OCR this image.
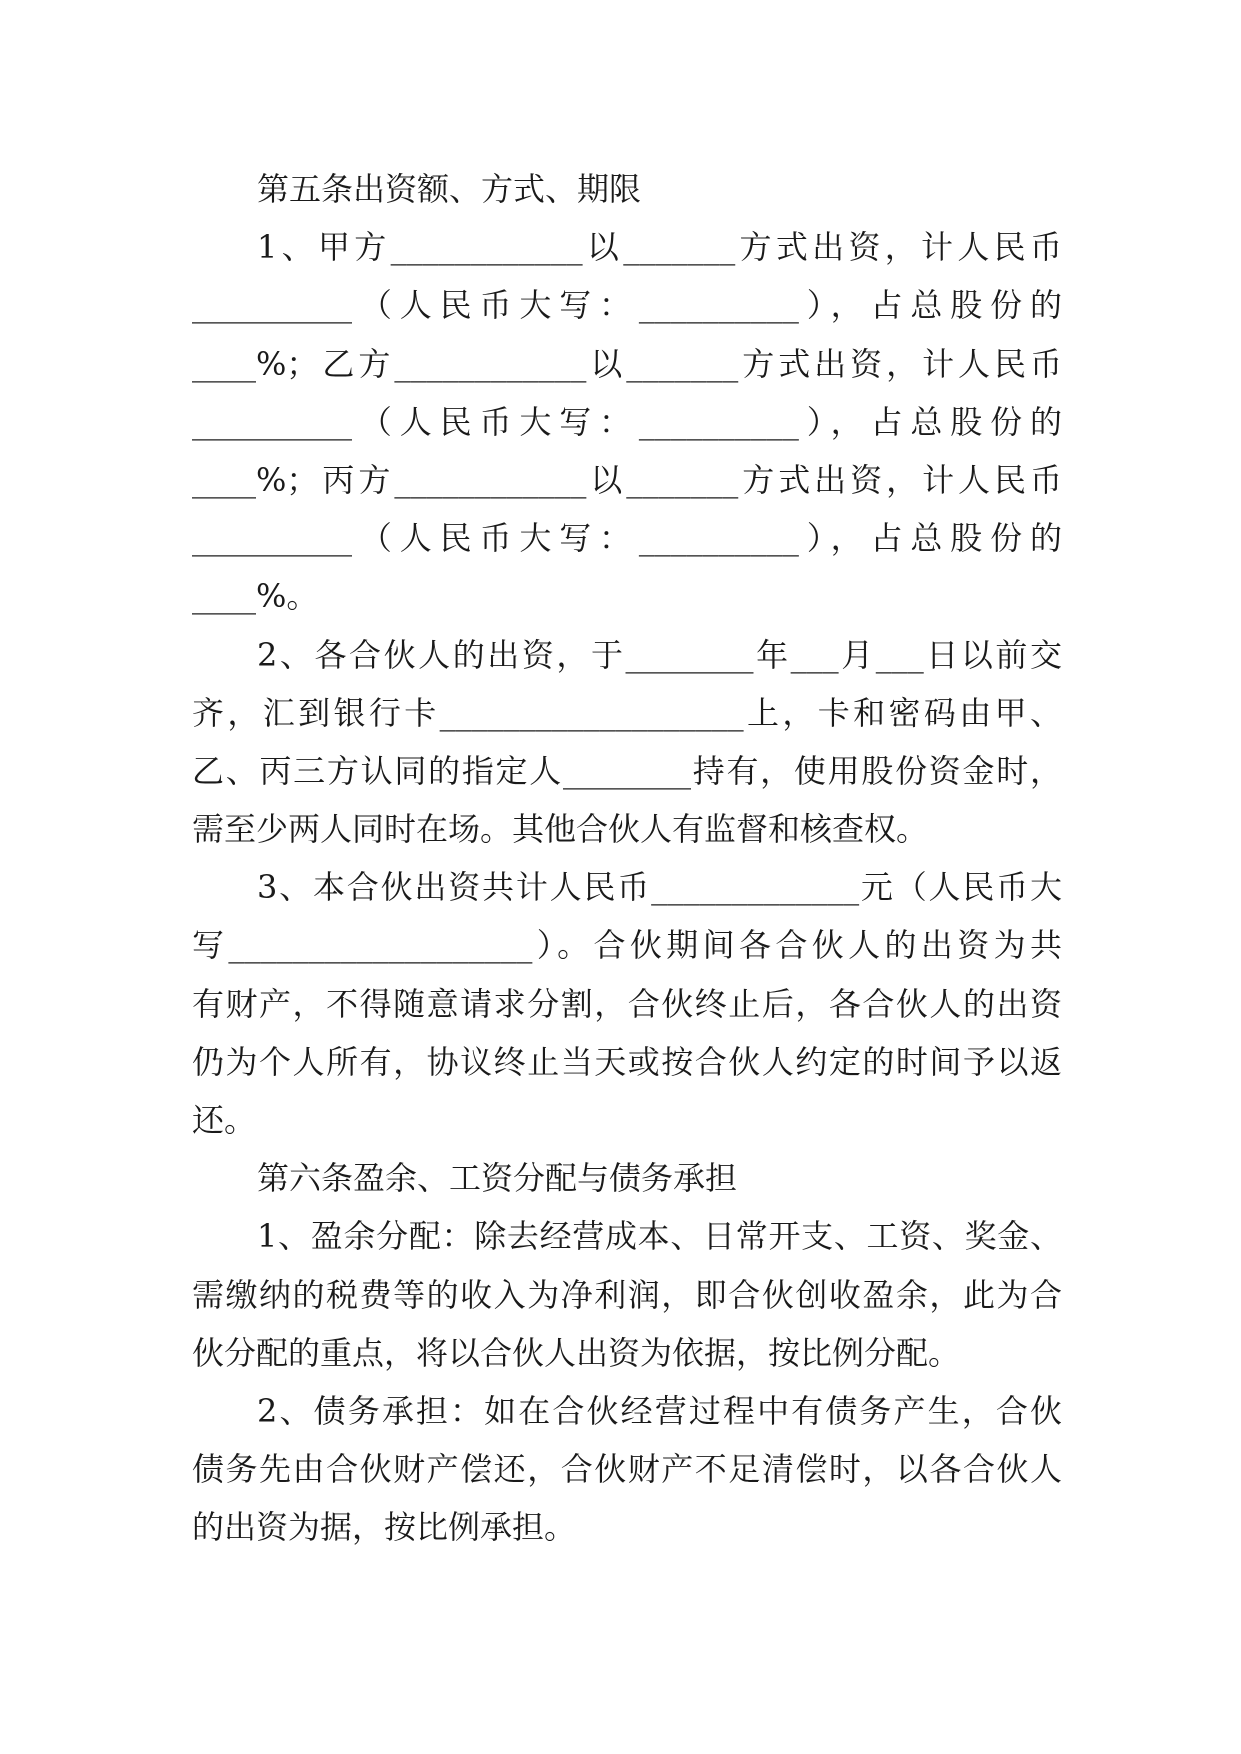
第五条出资额、方式、期限
1、甲方____________以_______方式出资，计人民币
__________（人民币大写：__________），占总股份的
____%；乙方____________以_______方式出资，计人民币
__________（人民币大写：__________），占总股份的
____%；丙方____________以_______方式出资，计人民币
__________（人民币大写：__________），占总股份的
____%。
2、各合伙人的出资，于________年___月___日以前交
齐，汇到银行卡___________________上，卡和密码由甲、
乙、丙三方认同的指定人________持有，使用股份资金时，
需至少两人同时在场。其他合伙人有监督和核查权。
3、本合伙出资共计人民币_____________元（人民币大
写___________________）。合伙期间各合伙人的出资为共
有财产，不得随意请求分割，合伙终止后，各合伙人的出资
仍为个人所有，协议终止当天或按合伙人约定的时间予以返
还。
第六条盈余、工资分配与债务承担
1、盈余分配：除去经营成本、日常开支、工资、奖金、
需缴纳的税费等的收入为净利润，即合伙创收盈余，此为合
伙分配的重点，将以合伙人出资为依据，按比例分配。
2、债务承担：如在合伙经营过程中有债务产生，合伙
债务先由合伙财产偿还，合伙财产不足清偿时，以各合伙人
的出资为据，按比例承担。
